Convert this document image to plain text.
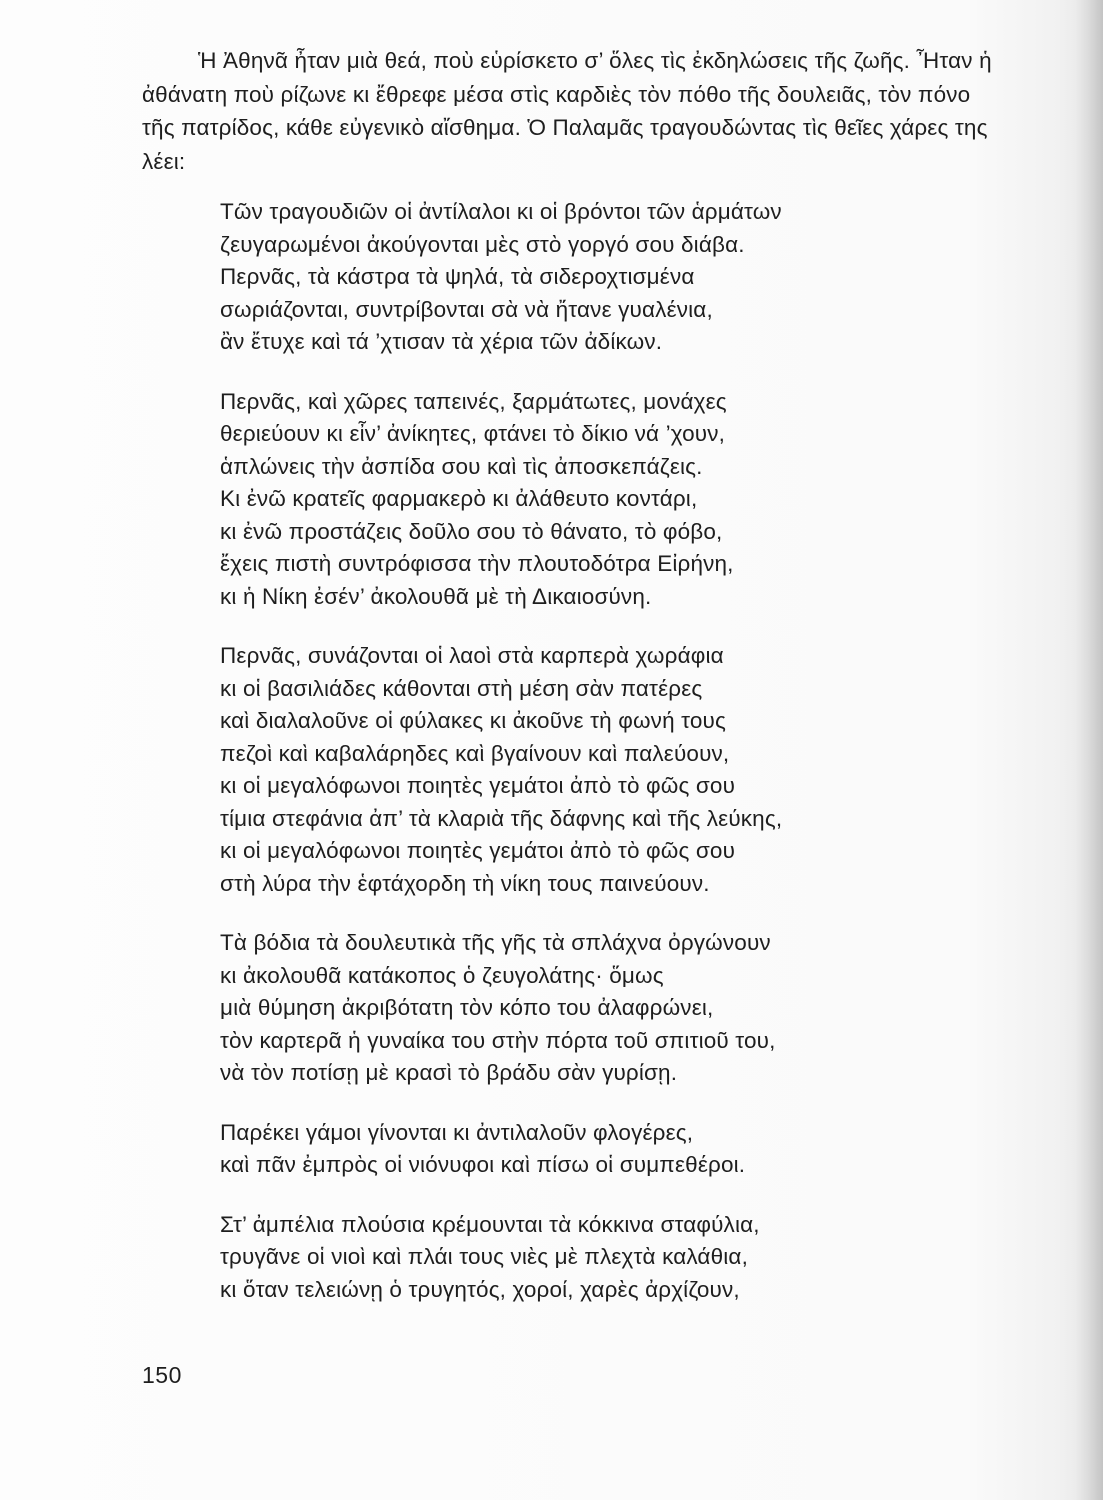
Ἡ Ἀθηνᾶ ἦταν μιὰ θεά, ποὺ εὑρίσκετο σ’ ὅλες τὶς ἐκδηλώσεις τῆς ζωῆς. Ἦταν ἡ ἀθάνατη ποὺ ρίζωνε κι ἔθρεφε μέσα στὶς καρδιὲς τὸν πόθο τῆς δουλειᾶς, τὸν πόνο τῆς πατρίδος, κάθε εὐγενικὸ αἴσθημα. Ὁ Παλαμᾶς τραγουδώντας τὶς θεῖες χάρες της λέει:

Τῶν τραγουδιῶν οἱ ἀντίλαλοι κι οἱ βρόντοι τῶν ἁρμάτων
ζευγαρωμένοι ἀκούγονται μὲς στὸ γοργό σου διάβα.
Περνᾶς, τὰ κάστρα τὰ ψηλά, τὰ σιδεροχτισμένα
σωριάζονται, συντρίβονται σὰ νὰ ἤτανε γυαλένια,
ἂν ἔτυχε καὶ τά ’χτισαν τὰ χέρια τῶν ἀδίκων.
Περνᾶς, καὶ χῶρες ταπεινές, ξαρμάτωτες, μονάχες
θεριεύουν κι εἶν’ ἀνίκητες, φτάνει τὸ δίκιο νά ’χουν,
ἁπλώνεις τὴν ἀσπίδα σου καὶ τὶς ἀποσκεπάζεις.
Κι ἐνῶ κρατεῖς φαρμακερὸ κι ἀλάθευτο κοντάρι,
κι ἐνῶ προστάζεις δοῦλο σου τὸ θάνατο, τὸ φόβο,
ἔχεις πιστὴ συντρόφισσα τὴν πλουτοδότρα Εἰρήνη,
κι ἡ Νίκη ἐσέν’ ἀκολουθᾶ μὲ τὴ Δικαιοσύνη.
Περνᾶς, συνάζονται οἱ λαοὶ στὰ καρπερὰ χωράφια
κι οἱ βασιλιάδες κάθονται στὴ μέση σὰν πατέρες
καὶ διαλαλοῦνε οἱ φύλακες κι ἀκοῦνε τὴ φωνή τους
πεζοὶ καὶ καβαλάρηδες καὶ βγαίνουν καὶ παλεύουν,
κι οἱ μεγαλόφωνοι ποιητὲς γεμάτοι ἀπὸ τὸ φῶς σου
τίμια στεφάνια ἀπ’ τὰ κλαριὰ τῆς δάφνης καὶ τῆς λεύκης,
κι οἱ μεγαλόφωνοι ποιητὲς γεμάτοι ἀπὸ τὸ φῶς σου
στὴ λύρα τὴν ἑφτάχορδη τὴ νίκη τους παινεύουν.
Τὰ βόδια τὰ δουλευτικὰ τῆς γῆς τὰ σπλάχνα ὀργώνουν
κι ἀκολουθᾶ κατάκοπος ὁ ζευγολάτης· ὅμως
μιὰ θύμηση ἀκριβότατη τὸν κόπο του ἀλαφρώνει,
τὸν καρτερᾶ ἡ γυναίκα του στὴν πόρτα τοῦ σπιτιοῦ του,
νὰ τὸν ποτίσῃ μὲ κρασὶ τὸ βράδυ σὰν γυρίσῃ.
Παρέκει γάμοι γίνονται κι ἀντιλαλοῦν φλογέρες,
καὶ πᾶν ἐμπρὸς οἱ νιόνυφοι καὶ πίσω οἱ συμπεθέροι.
Στ’ ἀμπέλια πλούσια κρέμουνται τὰ κόκκινα σταφύλια,
τρυγᾶνε οἱ νιοὶ καὶ πλάι τους νιὲς μὲ πλεχτὰ καλάθια,
κι ὅταν τελειώνῃ ὁ τρυγητός, χοροί, χαρὲς ἀρχίζουν,
150
